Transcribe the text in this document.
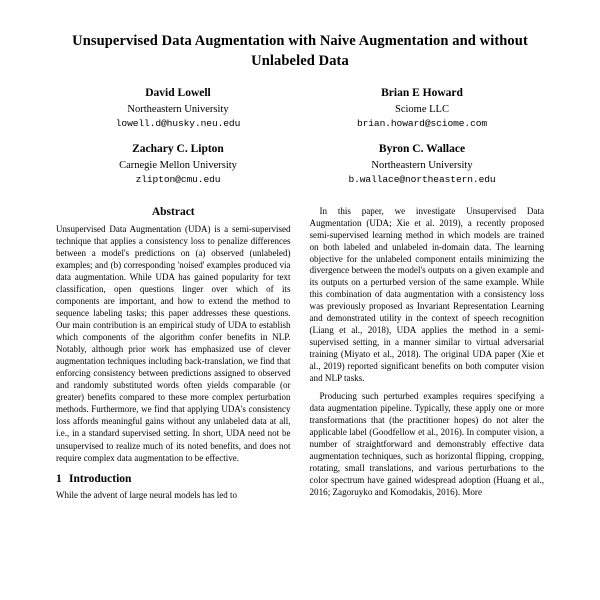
Unsupervised Data Augmentation with Naive Augmentation and without Unlabeled Data
David Lowell
Northeastern University
lowell.d@husky.neu.edu
Brian E Howard
Sciome LLC
brian.howard@sciome.com
Zachary C. Lipton
Carnegie Mellon University
zlipton@cmu.edu
Byron C. Wallace
Northeastern University
b.wallace@northeastern.edu
Abstract

Unsupervised Data Augmentation (UDA) is a semi-supervised technique that applies a consistency loss to penalize differences between a model's predictions on (a) observed (unlabeled) examples; and (b) corresponding 'noised' examples produced via data augmentation. While UDA has gained popularity for text classification, open questions linger over which of its components are important, and how to extend the method to sequence labeling tasks; this paper addresses these questions. Our main contribution is an empirical study of UDA to establish which components of the algorithm confer benefits in NLP. Notably, although prior work has emphasized use of clever augmentation techniques including back-translation, we find that enforcing consistency between predictions assigned to observed and randomly substituted words often yields comparable (or greater) benefits compared to these more complex perturbation methods. Furthermore, we find that applying UDA's consistency loss affords meaningful gains without any unlabeled data at all, i.e., in a standard supervised setting. In short, UDA need not be unsupervised to realize much of its noted benefits, and does not require complex data augmentation to be effective.

1 Introduction

While the advent of large neural models has led to

In this paper, we investigate Unsupervised Data Augmentation (UDA; Xie et al. 2019), a recently proposed semi-supervised learning method in which models are trained on both labeled and unlabeled in-domain data. The learning objective for the unlabeled component entails minimizing the divergence between the model's outputs on a given example and its outputs on a perturbed version of the same example. While this combination of data augmentation with a consistency loss was previously proposed as Invariant Representation Learning and demonstrated utility in the context of speech recognition (Liang et al., 2018), UDA applies the method in a semi-supervised setting, in a manner similar to virtual adversarial training (Miyato et al., 2018). The original UDA paper (Xie et al., 2019) reported significant benefits on both computer vision and NLP tasks.

Producing such perturbed examples requires specifying a data augmentation pipeline. Typically, these apply one or more transformations that (the practitioner hopes) do not alter the applicable label (Goodfellow et al., 2016). In computer vision, a number of straightforward and demonstrably effective data augmentation techniques, such as horizontal flipping, cropping, rotating, small translations, and various perturbations to the color spectrum have gained widespread adoption (Huang et al., 2016; Zagoruyko and Komodakis, 2016). More
